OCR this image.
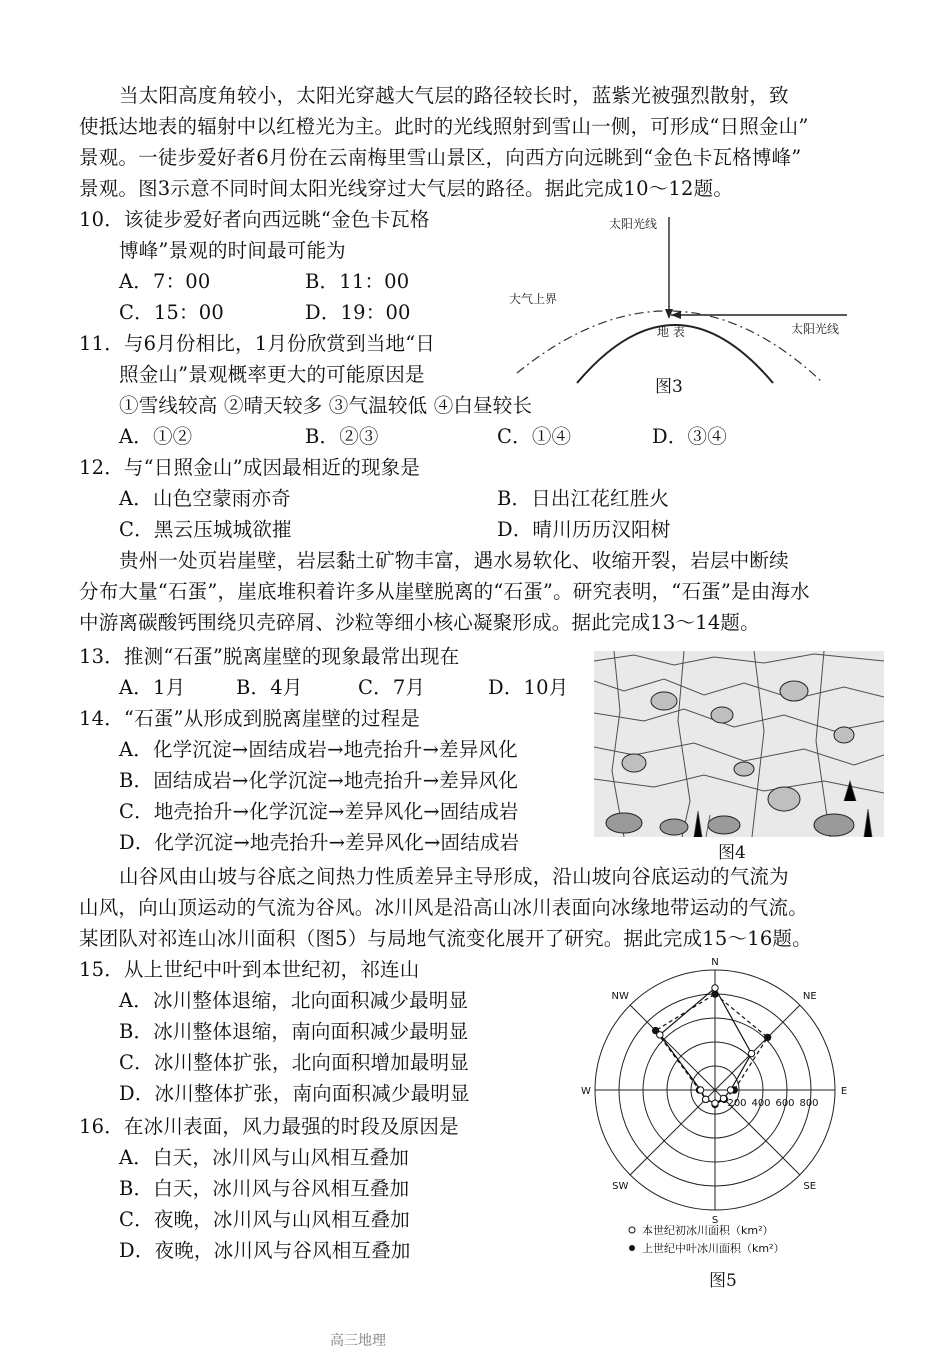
当太阳高度角较小，太阳光穿越大气层的路径较长时，蓝紫光被强烈散射，致
使抵达地表的辐射中以红橙光为主。此时的光线照射到雪山一侧，可形成“日照金山”
景观。一徒步爱好者6月份在云南梅里雪山景区，向西方向远眺到“金色卡瓦格博峰”
景观。图3示意不同时间太阳光线穿过大气层的路径。据此完成10～12题。
10．该徒步爱好者向西远眺“金色卡瓦格
博峰”景观的时间最可能为
A．7：00	B．11：00
C．15：00	D．19：00
11．与6月份相比，1月份欣赏到当地“日
照金山”景观概率更大的可能原因是
①雪线较高 ②晴天较多 ③气温较低 ④白昼较长
A．①②	B．②③	C．①④	D．③④
12．与“日照金山”成因最相近的现象是
A．山色空蒙雨亦奇	B．日出江花红胜火
C．黑云压城城欲摧	D．晴川历历汉阳树
贵州一处页岩崖壁，岩层黏土矿物丰富，遇水易软化、收缩开裂，岩层中断续
分布大量“石蛋”，崖底堆积着许多从崖壁脱离的“石蛋”。研究表明，“石蛋”是由海水
中游离碳酸钙围绕贝壳碎屑、沙粒等细小核心凝聚形成。据此完成13～14题。
13．推测“石蛋”脱离崖壁的现象最常出现在
A．1月	B．4月	C．7月	D．10月
14．“石蛋”从形成到脱离崖壁的过程是
A．化学沉淀→固结成岩→地壳抬升→差异风化
B．固结成岩→化学沉淀→地壳抬升→差异风化
C．地壳抬升→化学沉淀→差异风化→固结成岩
D．化学沉淀→地壳抬升→差异风化→固结成岩
山谷风由山坡与谷底之间热力性质差异主导形成，沿山坡向谷底运动的气流为
山风，向山顶运动的气流为谷风。冰川风是沿高山冰川表面向冰缘地带运动的气流。
某团队对祁连山冰川面积（图5）与局地气流变化展开了研究。据此完成15～16题。
15．从上世纪中叶到本世纪初，祁连山
A．冰川整体退缩，北向面积减少最明显
B．冰川整体退缩，南向面积减少最明显
C．冰川整体扩张，北向面积增加最明显
D．冰川整体扩张，南向面积减少最明显
16．在冰川表面，风力最强的时段及原因是
A．白天，冰川风与山风相互叠加
B．白天，冰川风与谷风相互叠加
C．夜晚，冰川风与山风相互叠加
D．夜晚，冰川风与谷风相互叠加
太阳光线
大气上界
地 表	太阳光线
图3
图4
N
NE
E
SE
S
SW
W
NW
200 400 600 800
本世纪初冰川面积（km²）
上世纪中叶冰川面积（km²）
图5
高三地理
